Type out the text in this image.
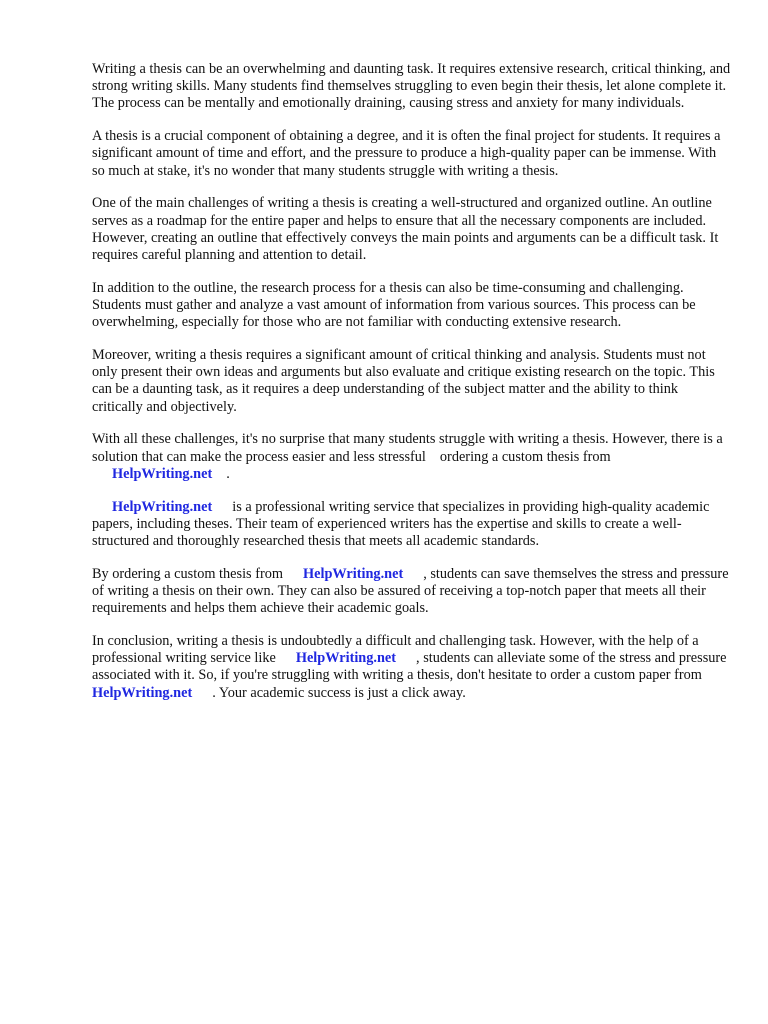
Writing a thesis can be an overwhelming and daunting task. It requires extensive research, critical thinking, and strong writing skills. Many students find themselves struggling to even begin their thesis, let alone complete it. The process can be mentally and emotionally draining, causing stress and anxiety for many individuals.

A thesis is a crucial component of obtaining a degree, and it is often the final project for students. It requires a significant amount of time and effort, and the pressure to produce a high-quality paper can be immense. With so much at stake, it's no wonder that many students struggle with writing a thesis.

One of the main challenges of writing a thesis is creating a well-structured and organized outline. An outline serves as a roadmap for the entire paper and helps to ensure that all the necessary components are included. However, creating an outline that effectively conveys the main points and arguments can be a difficult task. It requires careful planning and attention to detail.

In addition to the outline, the research process for a thesis can also be time-consuming and challenging. Students must gather and analyze a vast amount of information from various sources. This process can be overwhelming, especially for those who are not familiar with conducting extensive research.

Moreover, writing a thesis requires a significant amount of critical thinking and analysis. Students must not only present their own ideas and arguments but also evaluate and critique existing research on the topic. This can be a daunting task, as it requires a deep understanding of the subject matter and the ability to think critically and objectively.

With all these challenges, it's no surprise that many students struggle with writing a thesis. However, there is a solution that can make the process easier and less stressful ordering a custom thesis from
HelpWriting.net .

HelpWriting.net is a professional writing service that specializes in providing high-quality academic papers, including theses. Their team of experienced writers has the expertise and skills to create a well-structured and thoroughly researched thesis that meets all academic standards.

By ordering a custom thesis from HelpWriting.net , students can save themselves the stress and pressure of writing a thesis on their own. They can also be assured of receiving a top-notch paper that meets all their requirements and helps them achieve their academic goals.

In conclusion, writing a thesis is undoubtedly a difficult and challenging task. However, with the help of a professional writing service like HelpWriting.net , students can alleviate some of the stress and pressure associated with it. So, if you're struggling with writing a thesis, don't hesitate to order a custom paper fromHelpWriting.net . Your academic success is just a click away.
